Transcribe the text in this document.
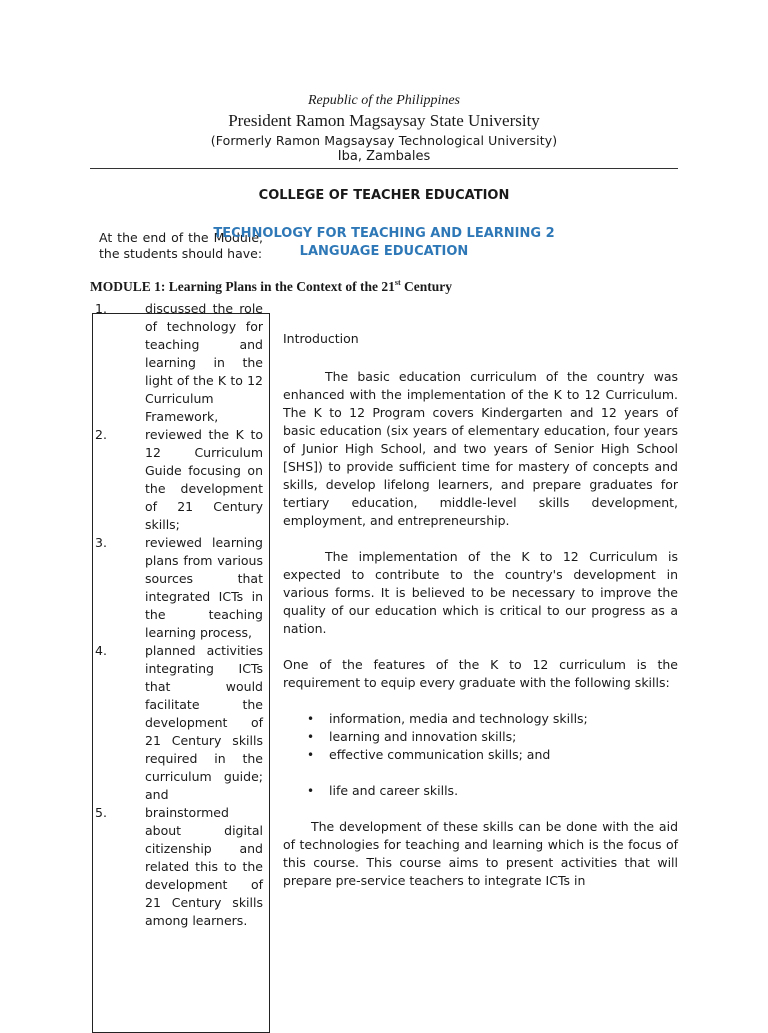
Republic of the Philippines
President Ramon Magsaysay State University
(Formerly Ramon Magsaysay Technological University)
Iba, Zambales
COLLEGE OF TEACHER EDUCATION
At the end of the Module, the students should have:
TECHNOLOGY FOR TEACHING AND LEARNING 2
LANGUAGE EDUCATION
MODULE 1: Learning Plans in the Context of the 21st Century
1.	discussed the role of technology for teaching and learning in the light of the K to 12 Curriculum Framework,
2.	reviewed the K to 12 Curriculum Guide focusing on the development of 21 Century skills;
3.	reviewed learning plans from various sources that integrated ICTs in the teaching learning process,
4.	planned activities integrating ICTs that would facilitate the development of 21 Century skills required in the curriculum guide; and
5.	brainstormed about digital citizenship and related this to the development of 21 Century skills among learners.

Introduction

The basic education curriculum of the country was enhanced with the implementation of the K to 12 Curriculum. The K to 12 Program covers Kindergarten and 12 years of basic education (six years of elementary education, four years of Junior High School, and two years of Senior High School [SHS]) to provide sufficient time for mastery of concepts and skills, develop lifelong learners, and prepare graduates for tertiary education, middle-level skills development, employment, and entrepreneurship.

The implementation of the K to 12 Curriculum is expected to contribute to the country's development in various forms. It is believed to be necessary to improve the quality of our education which is critical to our progress as a nation.

One of the features of the K to 12 curriculum is the requirement to equip every graduate with the following skills:

• information, media and technology skills;
• learning and innovation skills;
• effective communication skills; and
• life and career skills.

The development of these skills can be done with the aid of technologies for teaching and learning which is the focus of this course. This course aims to present activities that will prepare pre-service teachers to integrate ICTs in
